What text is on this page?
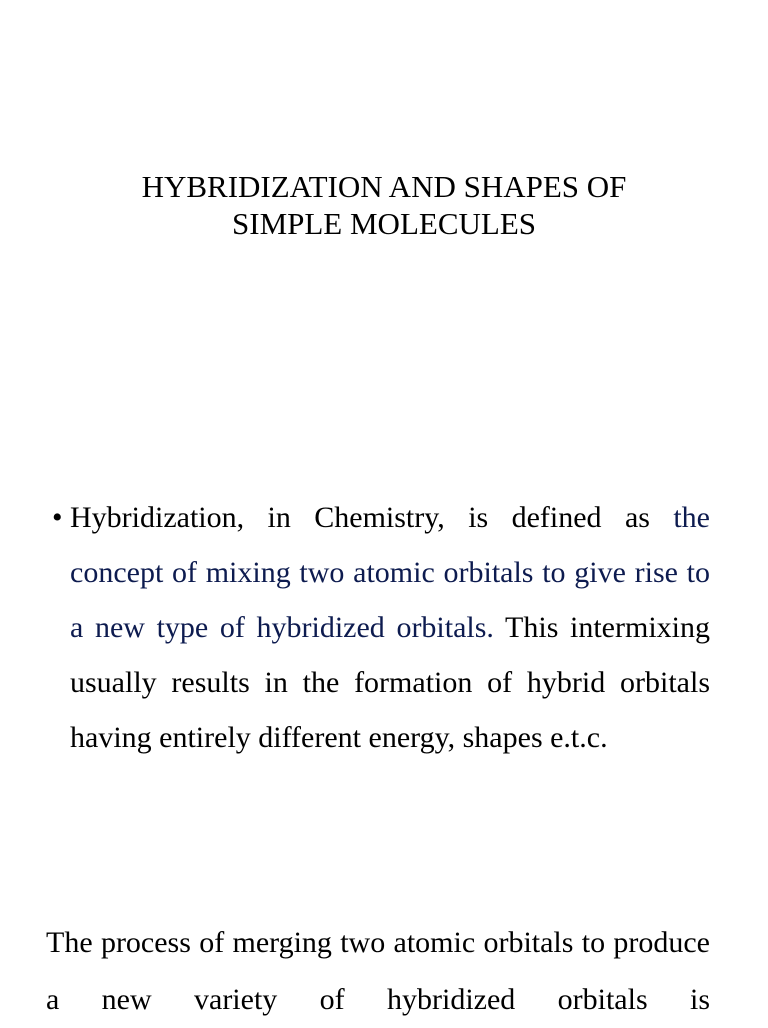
HYBRIDIZATION AND SHAPES OF
SIMPLE MOLECULES
• Hybridization, in Chemistry, is defined as the concept of mixing two atomic orbitals to give rise to a new type of hybridized orbitals. This intermixing usually results in the formation of hybrid orbitals having entirely different energy, shapes e.t.c.

The process of merging two atomic orbitals to produce a new variety of hybridized orbitals is
